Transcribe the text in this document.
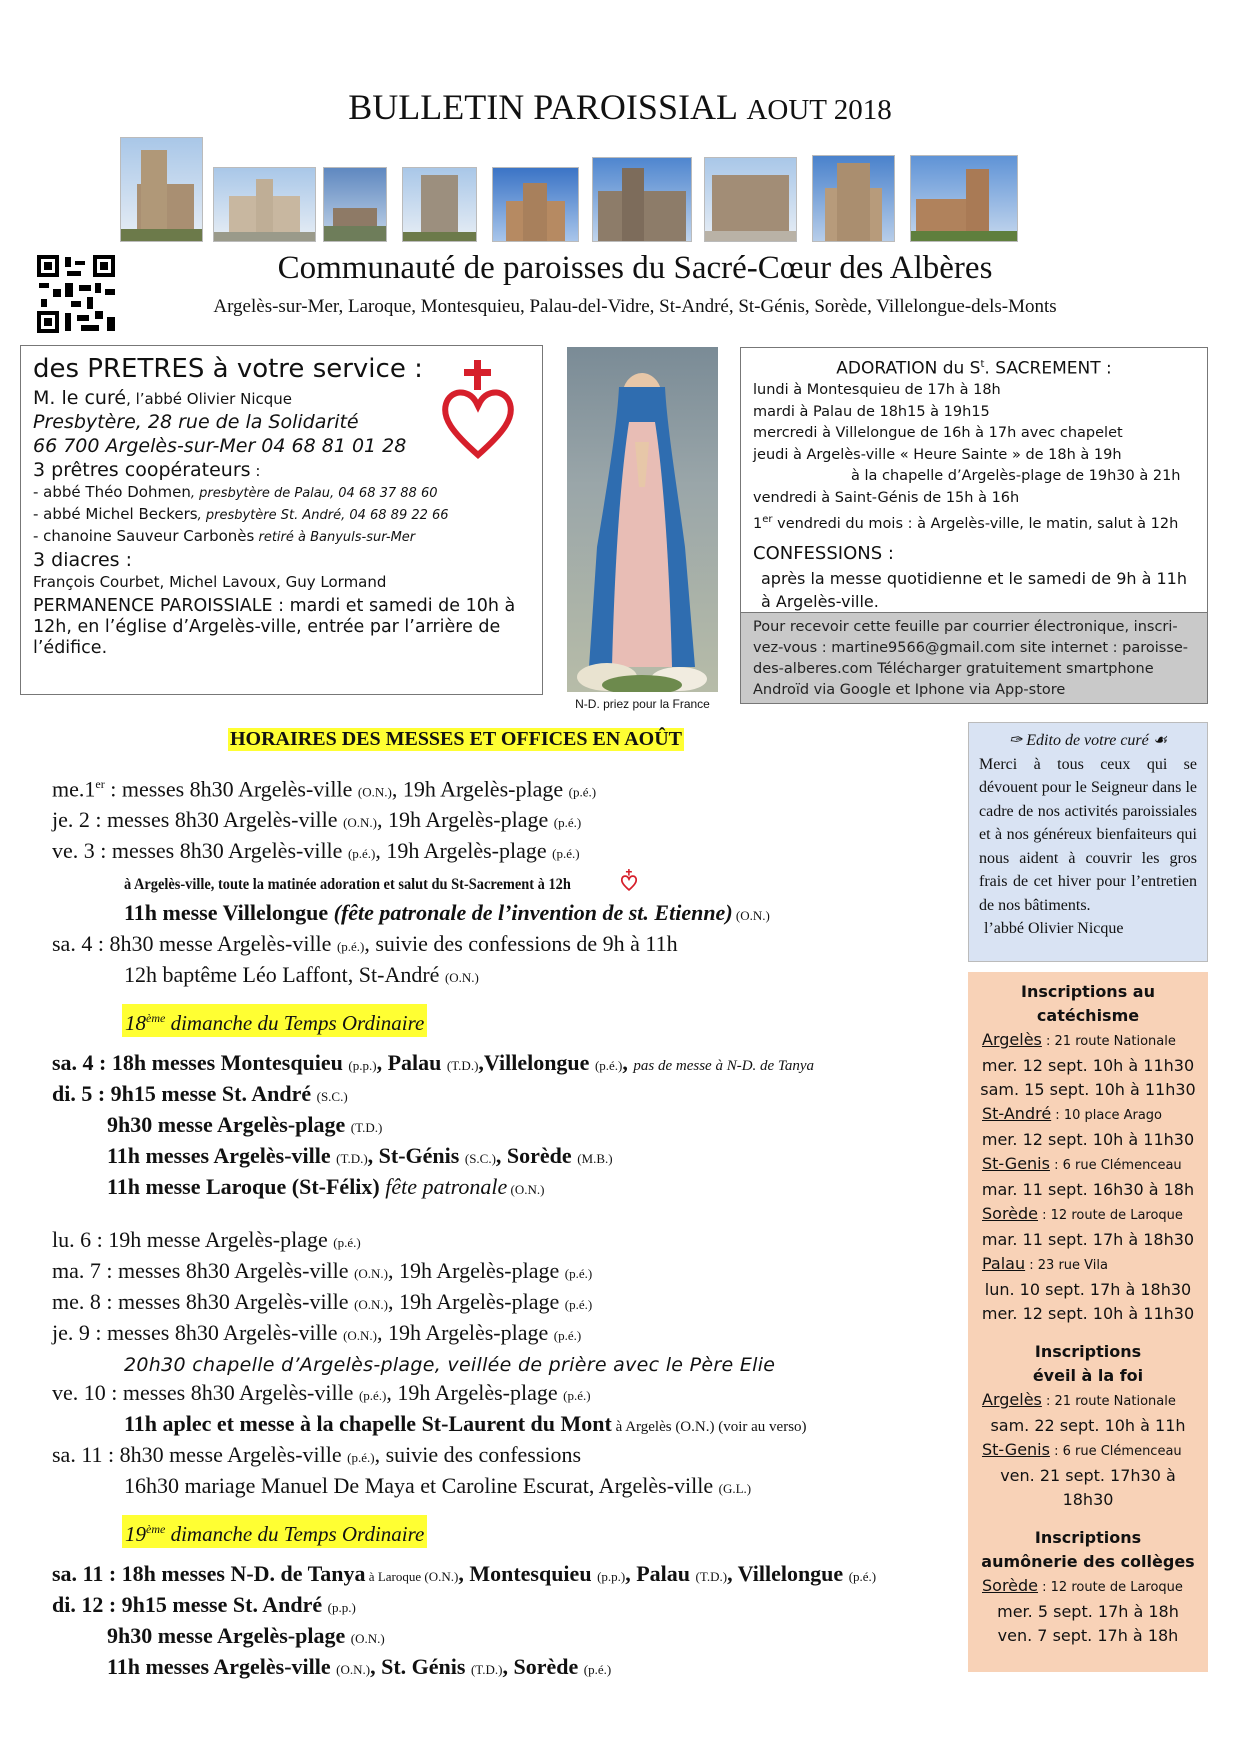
BULLETIN PAROISSIAL AOUT 2018
Communauté de paroisses du Sacré-Cœur des Albères
Argelès-sur-Mer, Laroque, Montesquieu, Palau-del-Vidre, St-André, St-Génis, Sorède, Villelongue-dels-Monts
des PRETRES à votre service :
M. le curé, l’abbé Olivier Nicque
Presbytère, 28 rue de la Solidarité
66 700 Argelès-sur-Mer 04 68 81 01 28
3 prêtres coopérateurs :
- abbé Théo Dohmen, presbytère de Palau, 04 68 37 88 60
- abbé Michel Beckers, presbytère St. André, 04 68 89 22 66
- chanoine Sauveur Carbonès retiré à Banyuls-sur-Mer
3 diacres :
François Courbet, Michel Lavoux, Guy Lormand
PERMANENCE PAROISSIALE : mardi et samedi de 10h à 12h, en l’église d’Argelès-ville, entrée par l’arrière de l’édifice.
N-D. priez pour la France
ADORATION du $S^t$. SACREMENT :
lundi à Montesquieu de 17h à 18h
mardi à Palau de 18h15 à 19h15
mercredi à Villelongue de 16h à 17h avec chapelet
jeudi à Argelès-ville « Heure Sainte » de 18h à 19h
à la chapelle d’Argelès-plage de 19h30 à 21h
vendredi à Saint-Génis de 15h à 16h
1er vendredi du mois : à Argelès-ville, le matin, salut à 12h
CONFESSIONS :
après la messe quotidienne et le samedi de 9h à 11h à Argelès-ville.
Pour recevoir cette feuille par courrier électronique, inscri-vez-vous : martine9566@gmail.com site internet : paroisse-des-alberes.com Télécharger gratuitement smartphone Androïd via Google et Iphone via App-store
HORAIRES DES MESSES ET OFFICES EN AOÛT
me.1er : messes 8h30 Argelès-ville (O.N.), 19h Argelès-plage (p.é.)
je. 2 : messes 8h30 Argelès-ville (O.N.), 19h Argelès-plage (p.é.)
ve. 3 : messes 8h30 Argelès-ville (p.é.), 19h Argelès-plage (p.é.)
à Argelès-ville, toute la matinée adoration et salut du St-Sacrement à 12h
11h messe Villelongue (fête patronale de l’invention de st. Etienne) (O.N.)
sa. 4 : 8h30 messe Argelès-ville (p.é.), suivie des confessions de 9h à 11h
12h baptême Léo Laffont, St-André (O.N.)
18ème dimanche du Temps Ordinaire
sa. 4 : 18h messes Montesquieu (p.p.), Palau (T.D.),Villelongue (p.é.), pas de messe à N-D. de Tanya
di. 5 : 9h15 messe St. André (S.C.)
9h30 messe Argelès-plage (T.D.)
11h messes Argelès-ville (T.D.), St-Génis (S.C.), Sorède (M.B.)
11h messe Laroque (St-Félix) fête patronale (O.N.)
lu. 6 : 19h messe Argelès-plage (p.é.)
ma. 7 : messes 8h30 Argelès-ville (O.N.), 19h Argelès-plage (p.é.)
me. 8 : messes 8h30 Argelès-ville (O.N.), 19h Argelès-plage (p.é.)
je. 9 : messes 8h30 Argelès-ville (O.N.), 19h Argelès-plage (p.é.)
20h30 chapelle d’Argelès-plage, veillée de prière avec le Père Elie
ve. 10 : messes 8h30 Argelès-ville (p.é.), 19h Argelès-plage (p.é.)
11h aplec et messe à la chapelle St-Laurent du Mont à Argelès (O.N.) (voir au verso)
sa. 11 : 8h30 messe Argelès-ville (p.é.), suivie des confessions
16h30 mariage Manuel De Maya et Caroline Escurat, Argelès-ville (G.L.)
19ème dimanche du Temps Ordinaire
sa. 11 : 18h messes N-D. de Tanya à Laroque (O.N.), Montesquieu (p.p.), Palau (T.D.), Villelongue (p.é.)
di. 12 : 9h15 messe St. André (p.p.)
9h30 messe Argelès-plage (O.N.)
11h messes Argelès-ville (O.N.), St. Génis (T.D.), Sorède (p.é.)
✑ Edito de votre curé ☙
Merci à tous ceux qui se dévouent pour le Seigneur dans le cadre de nos activités paroissiales et à nos généreux bienfaiteurs qui nous aident à couvrir les gros frais de cet hiver pour l’entretien de nos bâtiments.
l’abbé Olivier Nicque
Inscriptions au
catéchisme
Argelès : 21 route Nationale
mer. 12 sept. 10h à 11h30
sam. 15 sept. 10h à 11h30
St-André : 10 place Arago
mer. 12 sept. 10h à 11h30
St-Genis : 6 rue Clémenceau
mar. 11 sept. 16h30 à 18h
Sorède : 12 route de Laroque
mar. 11 sept. 17h à 18h30
Palau : 23 rue Vila
lun. 10 sept. 17h à 18h30
mer. 12 sept. 10h à 11h30
Inscriptions
éveil à la foi
Argelès : 21 route Nationale
sam. 22 sept. 10h à 11h
St-Genis : 6 rue Clémenceau
ven. 21 sept. 17h30 à
18h30
Inscriptions
aumônerie des collèges
Sorède : 12 route de Laroque
mer. 5 sept. 17h à 18h
ven. 7 sept. 17h à 18h
